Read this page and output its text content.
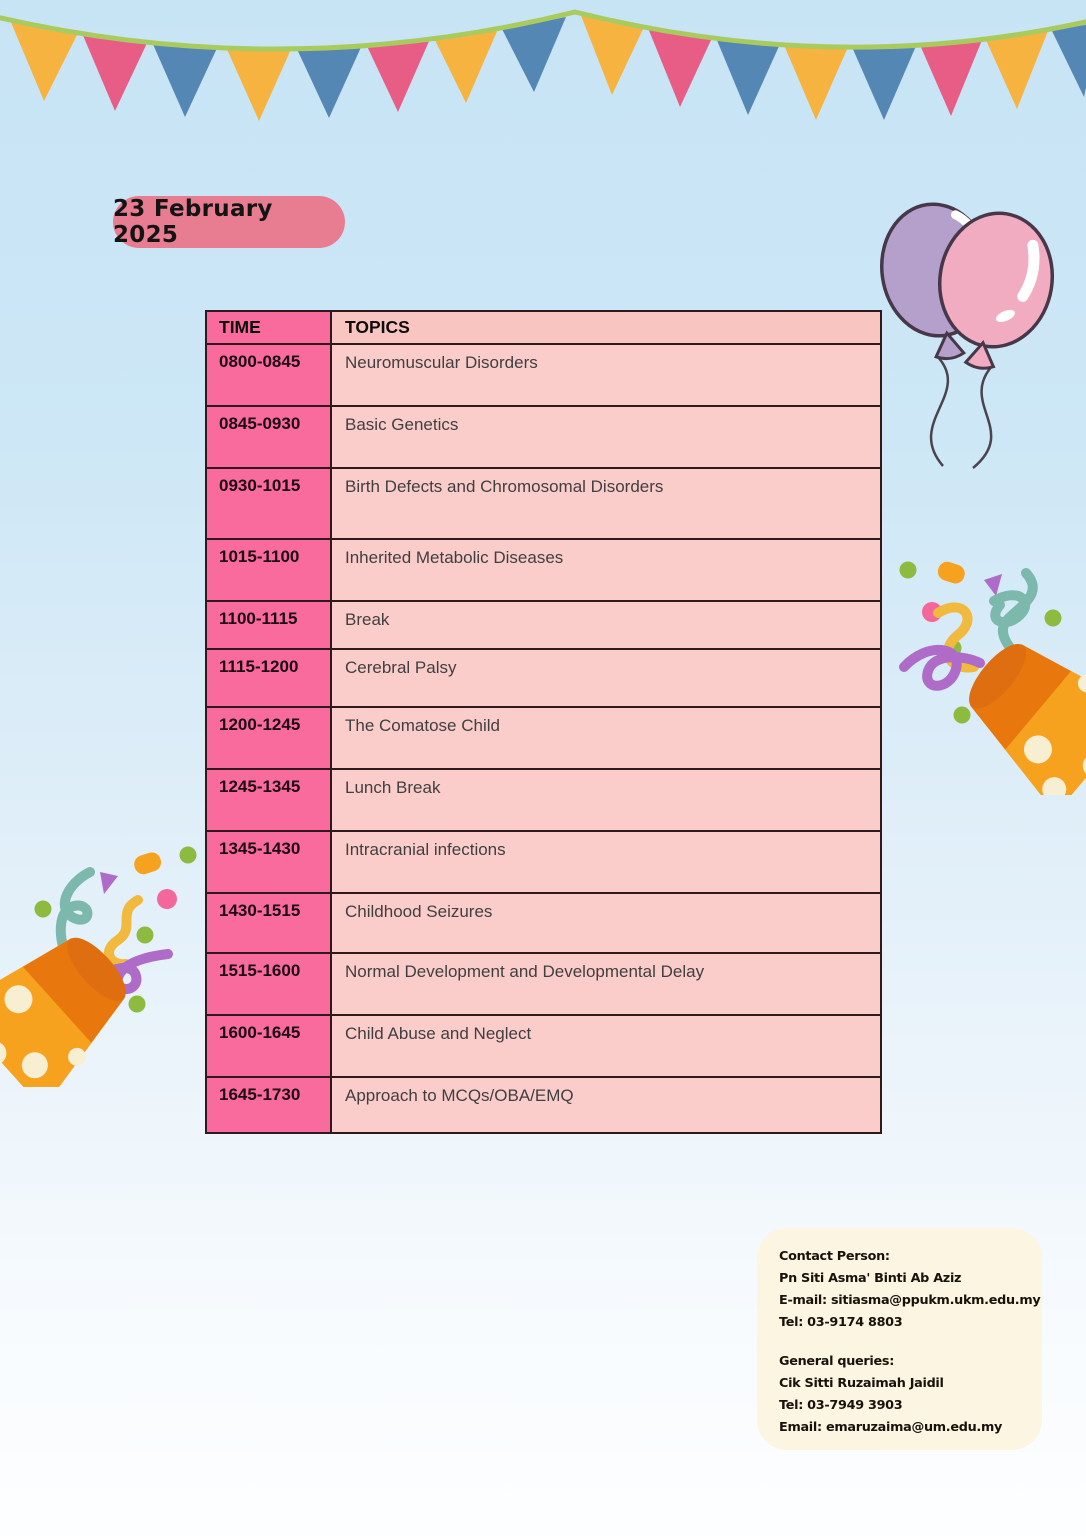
23 February 2025
TIME	TOPICS
0800-0845	Neuromuscular Disorders
0845-0930	Basic Genetics
0930-1015	Birth Defects and Chromosomal Disorders
1015-1100	Inherited Metabolic Diseases
1100-1115	Break
1115-1200	Cerebral Palsy
1200-1245	The Comatose Child
1245-1345	Lunch Break
1345-1430	Intracranial infections
1430-1515	Childhood Seizures
1515-1600	Normal Development and Developmental Delay
1600-1645	Child Abuse and Neglect
1645-1730	Approach to MCQs/OBA/EMQ
Contact Person:
Pn Siti Asma' Binti Ab Aziz
E-mail: sitiasma@ppukm.ukm.edu.my
Tel: 03-9174 8803
General queries:
Cik Sitti Ruzaimah Jaidil
Tel: 03-7949 3903
Email: emaruzaima@um.edu.my
